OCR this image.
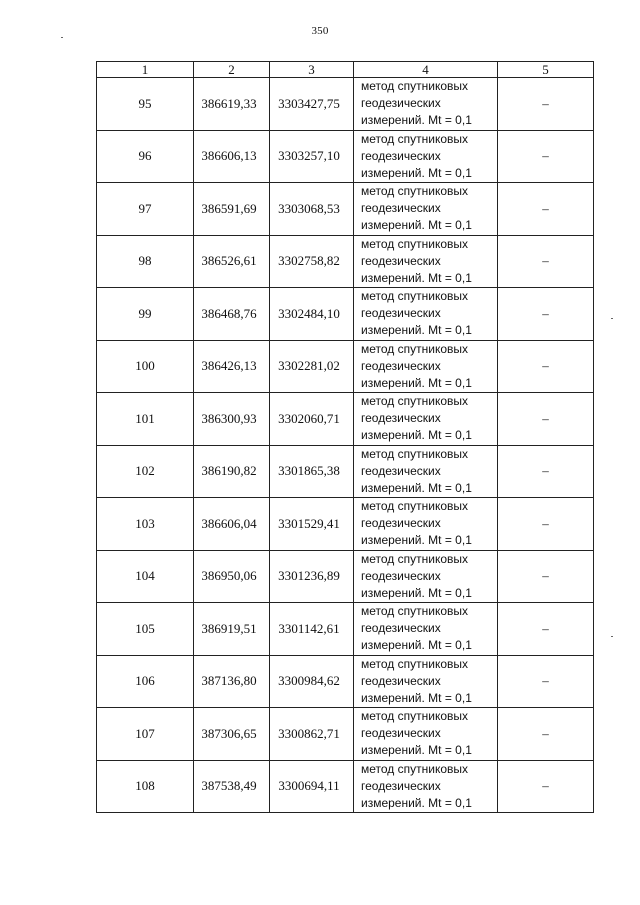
350
1	2	3	4	5
95	386619,33	3303427,75	метод спутниковых
геодезических
измерений. Mt = 0,1	–
96	386606,13	3303257,10	метод спутниковых
геодезических
измерений. Mt = 0,1	–
97	386591,69	3303068,53	метод спутниковых
геодезических
измерений. Mt = 0,1	–
98	386526,61	3302758,82	метод спутниковых
геодезических
измерений. Mt = 0,1	–
99	386468,76	3302484,10	метод спутниковых
геодезических
измерений. Mt = 0,1	–
100	386426,13	3302281,02	метод спутниковых
геодезических
измерений. Mt = 0,1	–
101	386300,93	3302060,71	метод спутниковых
геодезических
измерений. Mt = 0,1	–
102	386190,82	3301865,38	метод спутниковых
геодезических
измерений. Mt = 0,1	–
103	386606,04	3301529,41	метод спутниковых
геодезических
измерений. Mt = 0,1	–
104	386950,06	3301236,89	метод спутниковых
геодезических
измерений. Mt = 0,1	–
105	386919,51	3301142,61	метод спутниковых
геодезических
измерений. Mt = 0,1	–
106	387136,80	3300984,62	метод спутниковых
геодезических
измерений. Mt = 0,1	–
107	387306,65	3300862,71	метод спутниковых
геодезических
измерений. Mt = 0,1	–
108	387538,49	3300694,11	метод спутниковых
геодезических
измерений. Mt = 0,1	–
